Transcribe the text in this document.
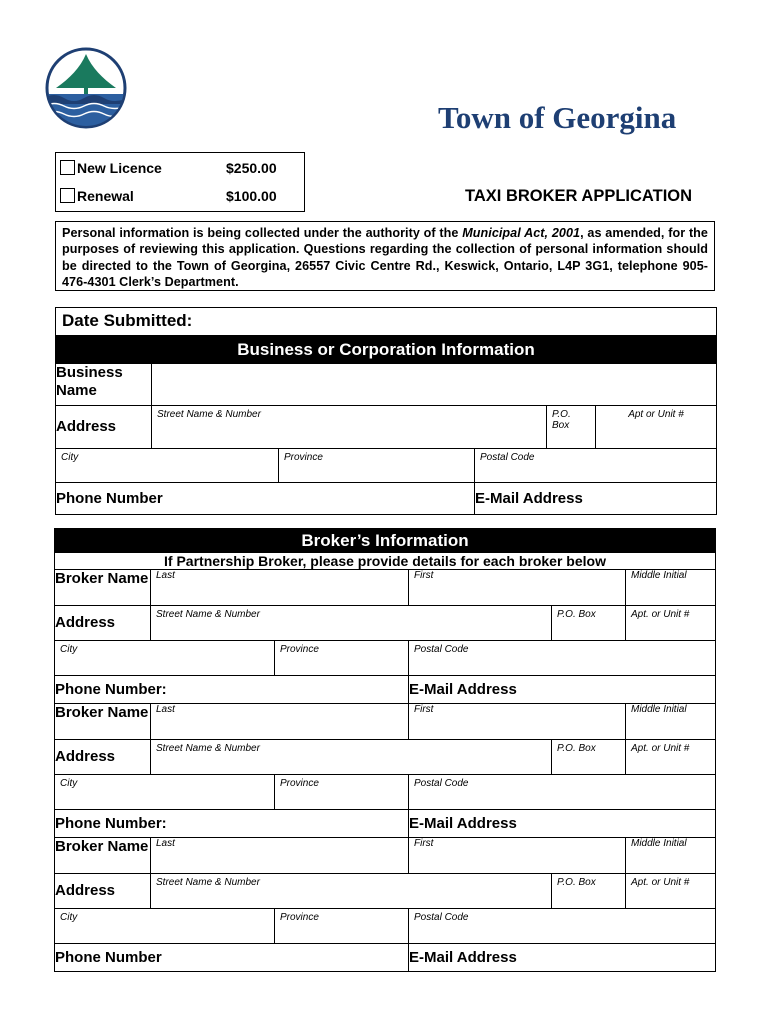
Town of Georgina
New Licence	$250.00
Renewal	$100.00	TAXI BROKER APPLICATION
Personal information is being collected under the authority of the Municipal Act, 2001, as amended, for the purposes of reviewing this application. Questions regarding the collection of personal information should be directed to the Town of Georgina, 26557 Civic Centre Rd., Keswick, Ontario, L4P 3G1, telephone 905-476-4301 Clerk’s Department.
Date Submitted:					
Business or Corporation Information					
Business Name					
Address	Street Name & Number			P.O. Box	Apt or Unit #

City		Province	Postal Code		

Phone Number			E-Mail Address		
Broker’s Information					
If Partnership Broker, please provide details for each broker below					
Broker Name	Last		First		Middle Initial

Address	Street Name & Number			P.O. Box	Apt. or Unit #

City		Province	Postal Code		

Phone Number:			E-Mail Address		
Broker Name	Last		First		Middle Initial

Address	Street Name & Number			P.O. Box	Apt. or Unit #

City		Province	Postal Code		

Phone Number:			E-Mail Address		
Broker Name	Last		First		Middle Initial

Address	Street Name & Number			P.O. Box	Apt. or Unit #

City		Province	Postal Code		

Phone Number			E-Mail Address		
